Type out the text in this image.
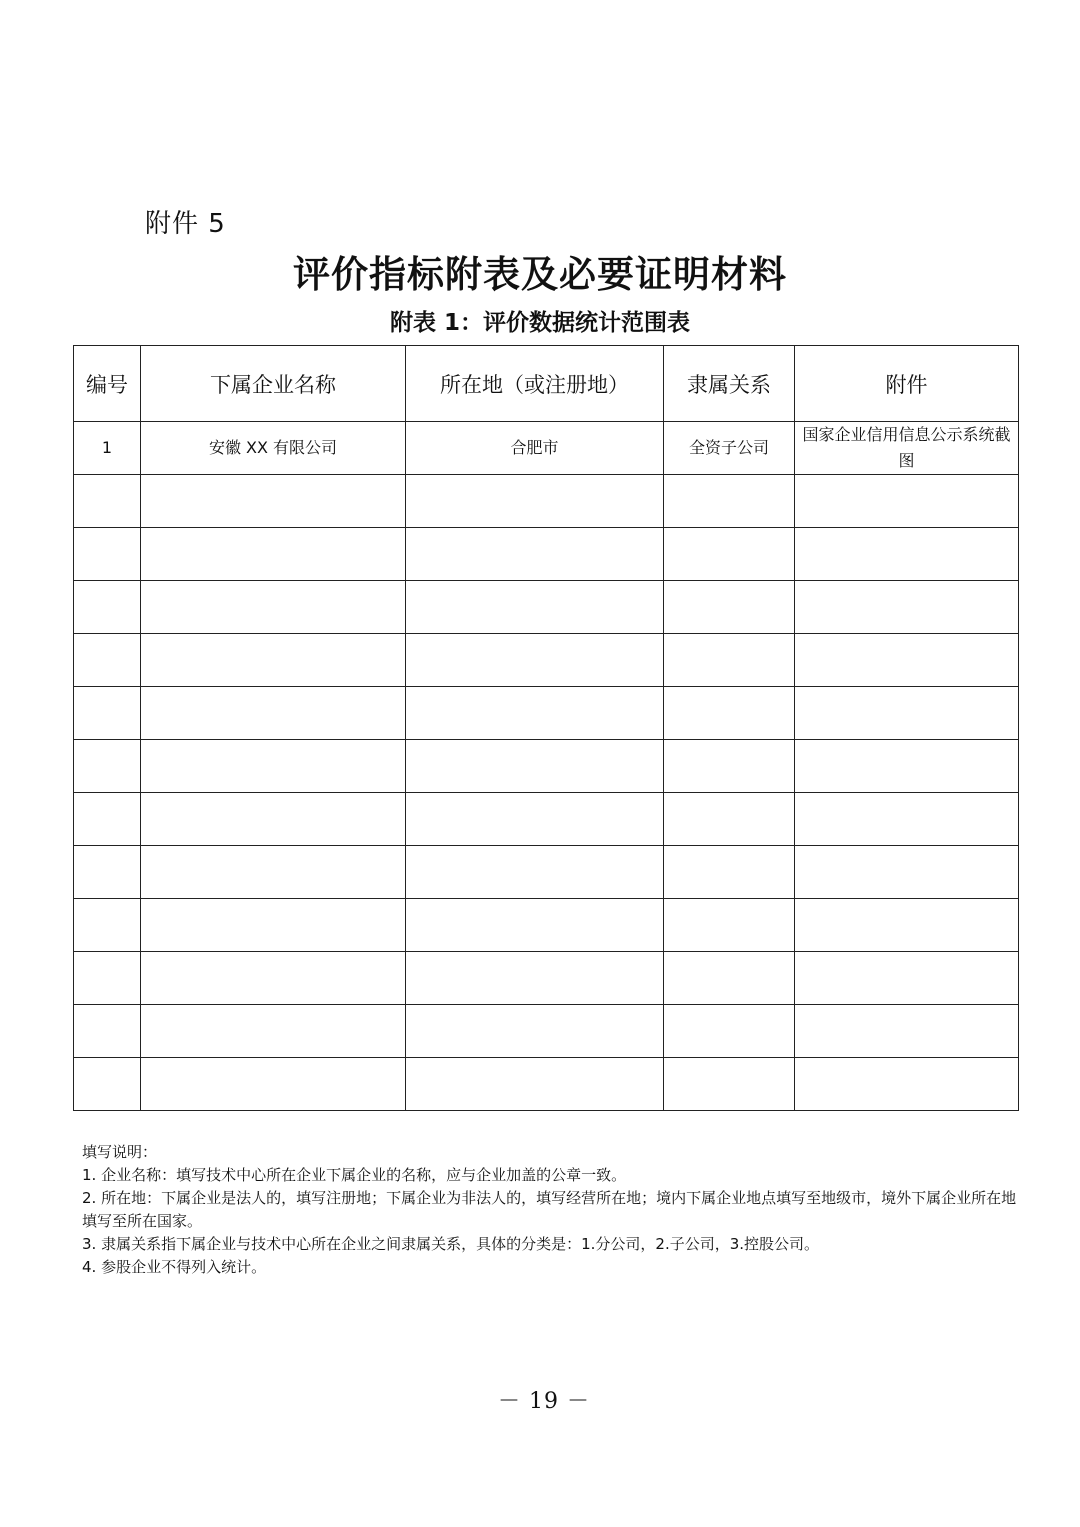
附件 5
评价指标附表及必要证明材料
附表 1：评价数据统计范围表
编号	下属企业名称	所在地（或注册地）	隶属关系	附件
1	安徽 XX 有限公司	合肥市	全资子公司	国家企业信用信息公示系统截图

填写说明：

1. 企业名称：填写技术中心所在企业下属企业的名称，应与企业加盖的公章一致。

2. 所在地：下属企业是法人的，填写注册地；下属企业为非法人的，填写经营所在地；境内下属企业地点填写至地级市，境外下属企业所在地填写至所在国家。

3. 隶属关系指下属企业与技术中心所在企业之间隶属关系，具体的分类是：1.分公司，2.子公司，3.控股公司。

4. 参股企业不得列入统计。

－ 19 －
